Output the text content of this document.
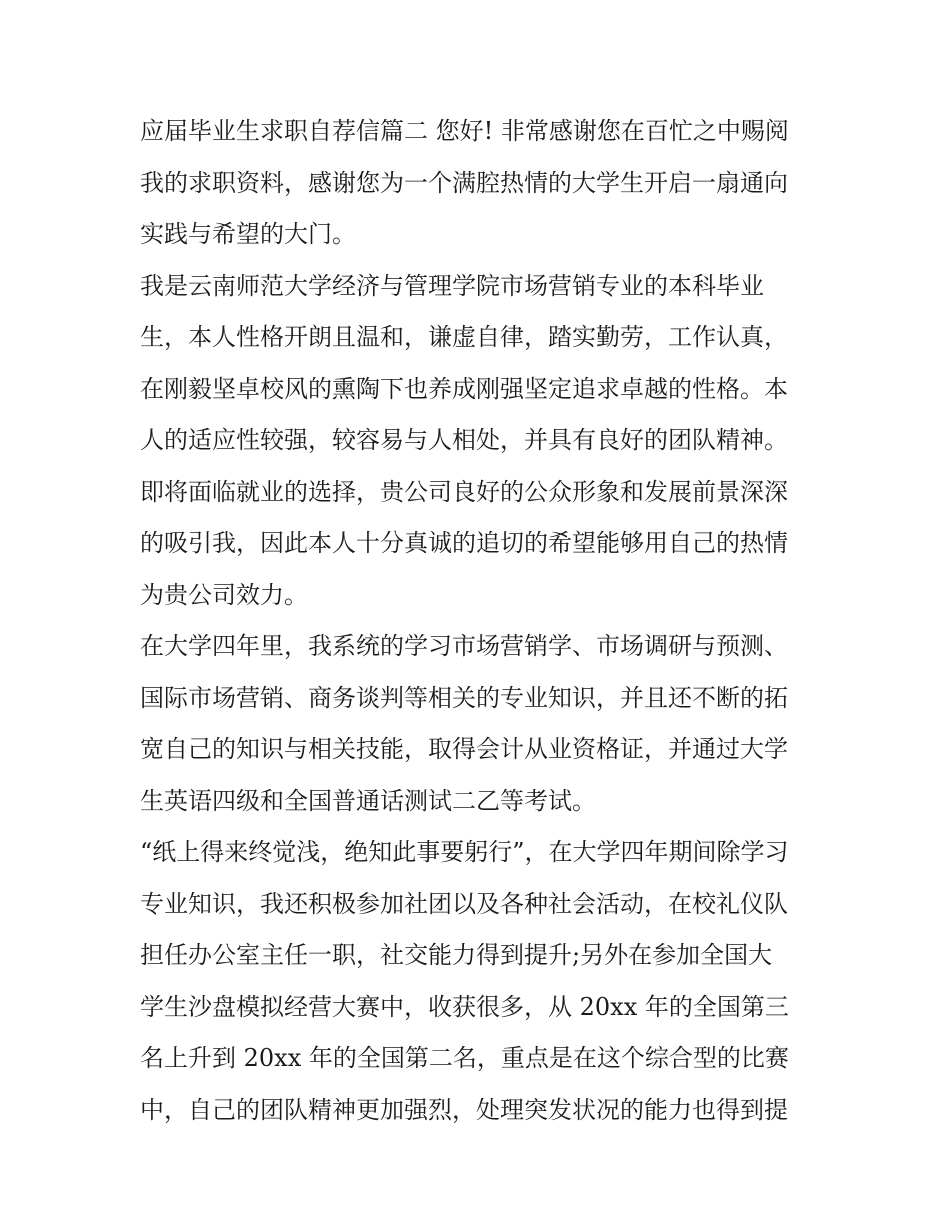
应届毕业生求职自荐信篇二 您好! 非常感谢您在百忙之中赐阅
我的求职资料，感谢您为一个满腔热情的大学生开启一扇通向
实践与希望的大门。
我是云南师范大学经济与管理学院市场营销专业的本科毕业
生，本人性格开朗且温和，谦虚自律，踏实勤劳，工作认真，
在刚毅坚卓校风的熏陶下也养成刚强坚定追求卓越的性格。本
人的适应性较强，较容易与人相处，并具有良好的团队精神。
即将面临就业的选择，贵公司良好的公众形象和发展前景深深
的吸引我，因此本人十分真诚的追切的希望能够用自己的热情
为贵公司效力。
在大学四年里，我系统的学习市场营销学、市场调研与预测、
国际市场营销、商务谈判等相关的专业知识，并且还不断的拓
宽自己的知识与相关技能，取得会计从业资格证，并通过大学
生英语四级和全国普通话测试二乙等考试。
“纸上得来终觉浅，绝知此事要躬行”，在大学四年期间除学习
专业知识，我还积极参加社团以及各种社会活动，在校礼仪队
担任办公室主任一职，社交能力得到提升;另外在参加全国大
学生沙盘模拟经营大赛中，收获很多，从 20xx 年的全国第三
名上升到 20xx 年的全国第二名，重点是在这个综合型的比赛
中，自己的团队精神更加强烈，处理突发状况的能力也得到提
